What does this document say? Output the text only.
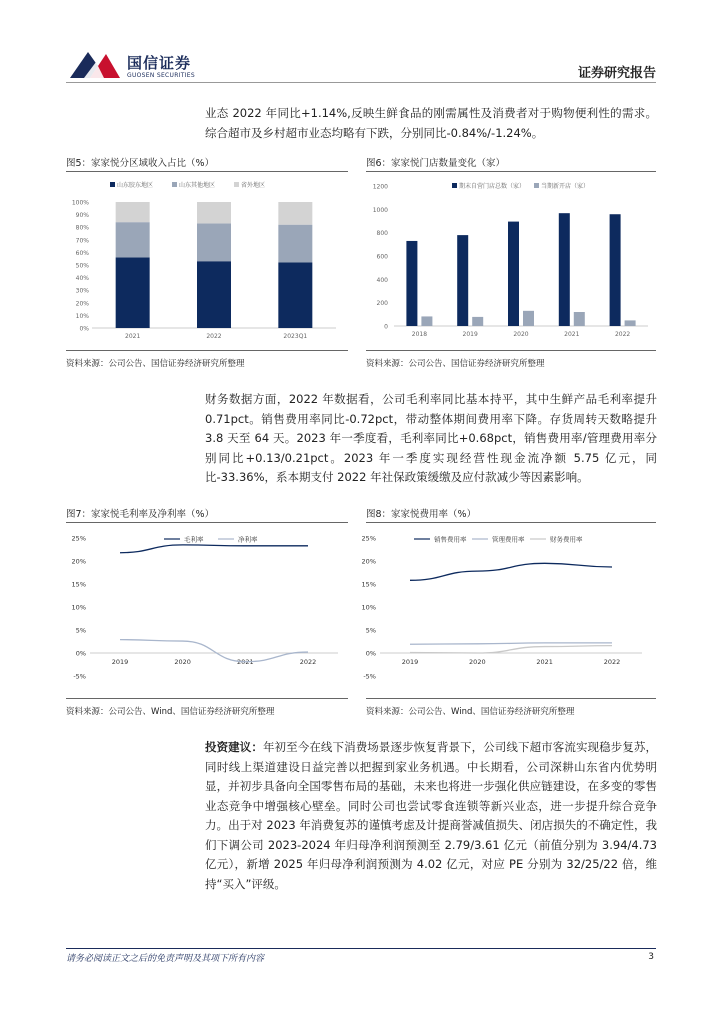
国信证券
GUOSEN SECURITIES	证券研究报告
业态 2022 年同比+1.14%,反映生鲜食品的刚需属性及消费者对于购物便利性的需求。综合超市及乡村超市业态均略有下跌，分别同比-0.84%/-1.24%。
图5：家家悦分区域收入占比（%）	图6：家家悦门店数量变化（家）
0%
10%
20%
30%
40%
50%
60%
70%
80%
90%
100%
山东胶东地区	山东其他地区	省外地区
2021	2022	2023Q1
0
200
400
600
800
1000
1200	期末自营门店总数（家）	当期新开店（家）
2018	2019	2020	2021	2022
资料来源：公司公告、国信证券经济研究所整理	资料来源：公司公告、国信证券经济研究所整理
财务数据方面，2022 年数据看，公司毛利率同比基本持平，其中生鲜产品毛利率提升 0.71pct。销售费用率同比-0.72pct，带动整体期间费用率下降。存货周转天数略提升 3.8 天至 64 天。2023 年一季度看，毛利率同比+0.68pct，销售费用率/管理费用率分别同比+0.13/0.21pct。2023 年一季度实现经营性现金流净额 5.75 亿元，同比-33.36%，系本期支付 2022 年社保政策缓缴及应付款减少等因素影响。
图7：家家悦毛利率及净利率（%）	图8：家家悦费用率（%）
-5%
0%
5%
10%
15%
20%
25%
2019	2020	2021	2022
毛利率	净利率
-5%
0%
5%
10%
15%
20%
25%
2019	2020	2021	2022
销售费用率	管理费用率	财务费用率
资料来源：公司公告、Wind、国信证券经济研究所整理	资料来源：公司公告、Wind、国信证券经济研究所整理
投资建议：年初至今在线下消费场景逐步恢复背景下，公司线下超市客流实现稳步复苏，同时线上渠道建设日益完善以把握到家业务机遇。中长期看，公司深耕山东省内优势明显，并初步具备向全国零售布局的基础，未来也将进一步强化供应链建设，在多变的零售业态竞争中增强核心壁垒。同时公司也尝试零食连锁等新兴业态，进一步提升综合竞争力。出于对 2023 年消费复苏的谨慎考虑及计提商誉减值损失、闭店损失的不确定性，我们下调公司 2023-2024 年归母净利润预测至 2.79/3.61 亿元（前值分别为 3.94/4.73 亿元），新增 2025 年归母净利润预测为 4.02 亿元，对应 PE 分别为 32/25/22 倍，维持“买入”评级。
请务必阅读正文之后的免责声明及其项下所有内容	3
